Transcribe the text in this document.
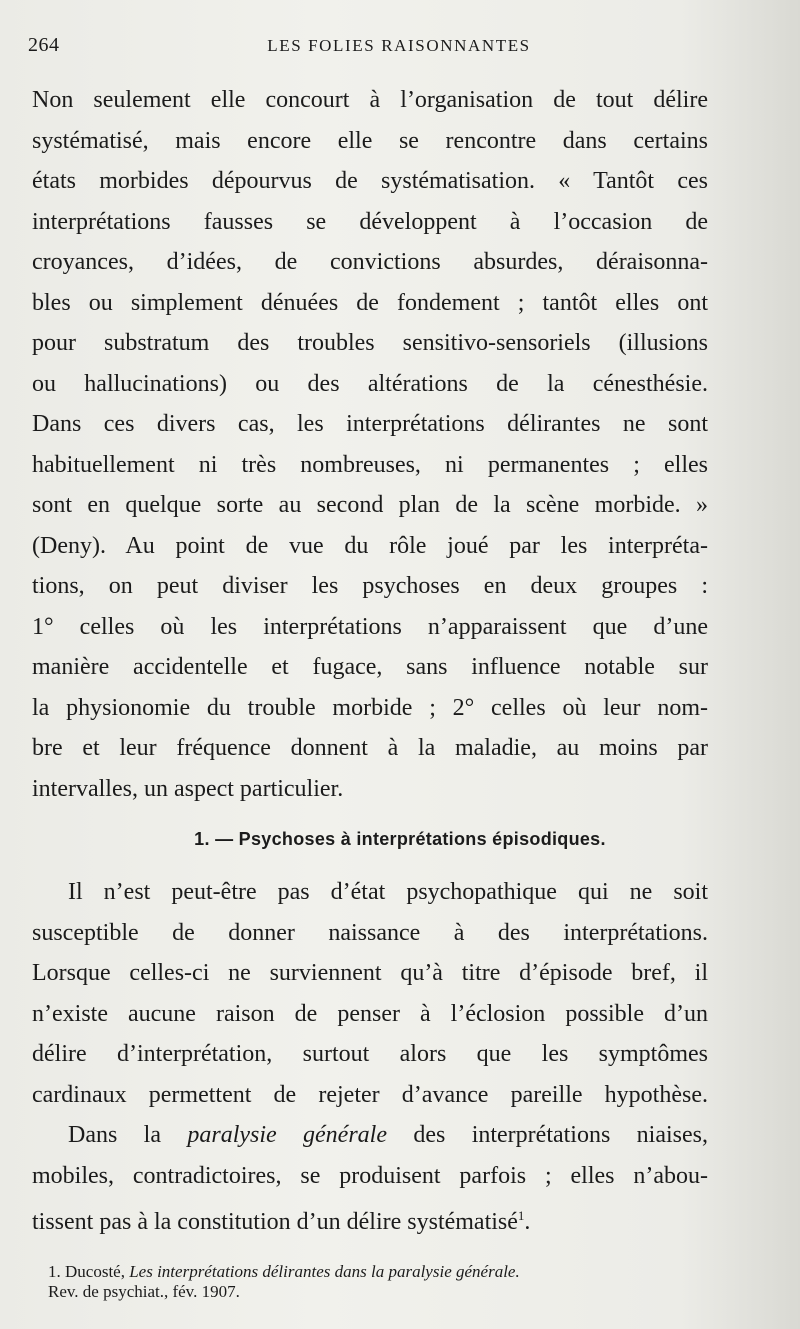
264	LES FOLIES RAISONNANTES
Non seulement elle concourt à l’organisation de tout délire
systématisé, mais encore elle se rencontre dans certains
états morbides dépourvus de systématisation. « Tantôt ces
interprétations fausses se développent à l’occasion de
croyances, d’idées, de convictions absurdes, déraisonna-
bles ou simplement dénuées de fondement ; tantôt elles ont
pour substratum des troubles sensitivo-sensoriels (illusions
ou hallucinations) ou des altérations de la cénesthésie.
Dans ces divers cas, les interprétations délirantes ne sont
habituellement ni très nombreuses, ni permanentes ; elles
sont en quelque sorte au second plan de la scène morbide. »
(Deny). Au point de vue du rôle joué par les interpréta-
tions, on peut diviser les psychoses en deux groupes :
1° celles où les interprétations n’apparaissent que d’une
manière accidentelle et fugace, sans influence notable sur
la physionomie du trouble morbide ; 2° celles où leur nom-
bre et leur fréquence donnent à la maladie, au moins par
intervalles, un aspect particulier.
1. — Psychoses à interprétations épisodiques.
Il n’est peut-être pas d’état psychopathique qui ne soit
susceptible de donner naissance à des interprétations.
Lorsque celles-ci ne surviennent qu’à titre d’épisode bref, il
n’existe aucune raison de penser à l’éclosion possible d’un
délire d’interprétation, surtout alors que les symptômes
cardinaux permettent de rejeter d’avance pareille hypothèse.
Dans la paralysie générale des interprétations niaises,
mobiles, contradictoires, se produisent parfois ; elles n’abou-
tissent pas à la constitution d’un délire systématisé$^1$.
1. Ducosté, Les interprétations délirantes dans la paralysie générale.
Rev. de psychiat., fév. 1907.
